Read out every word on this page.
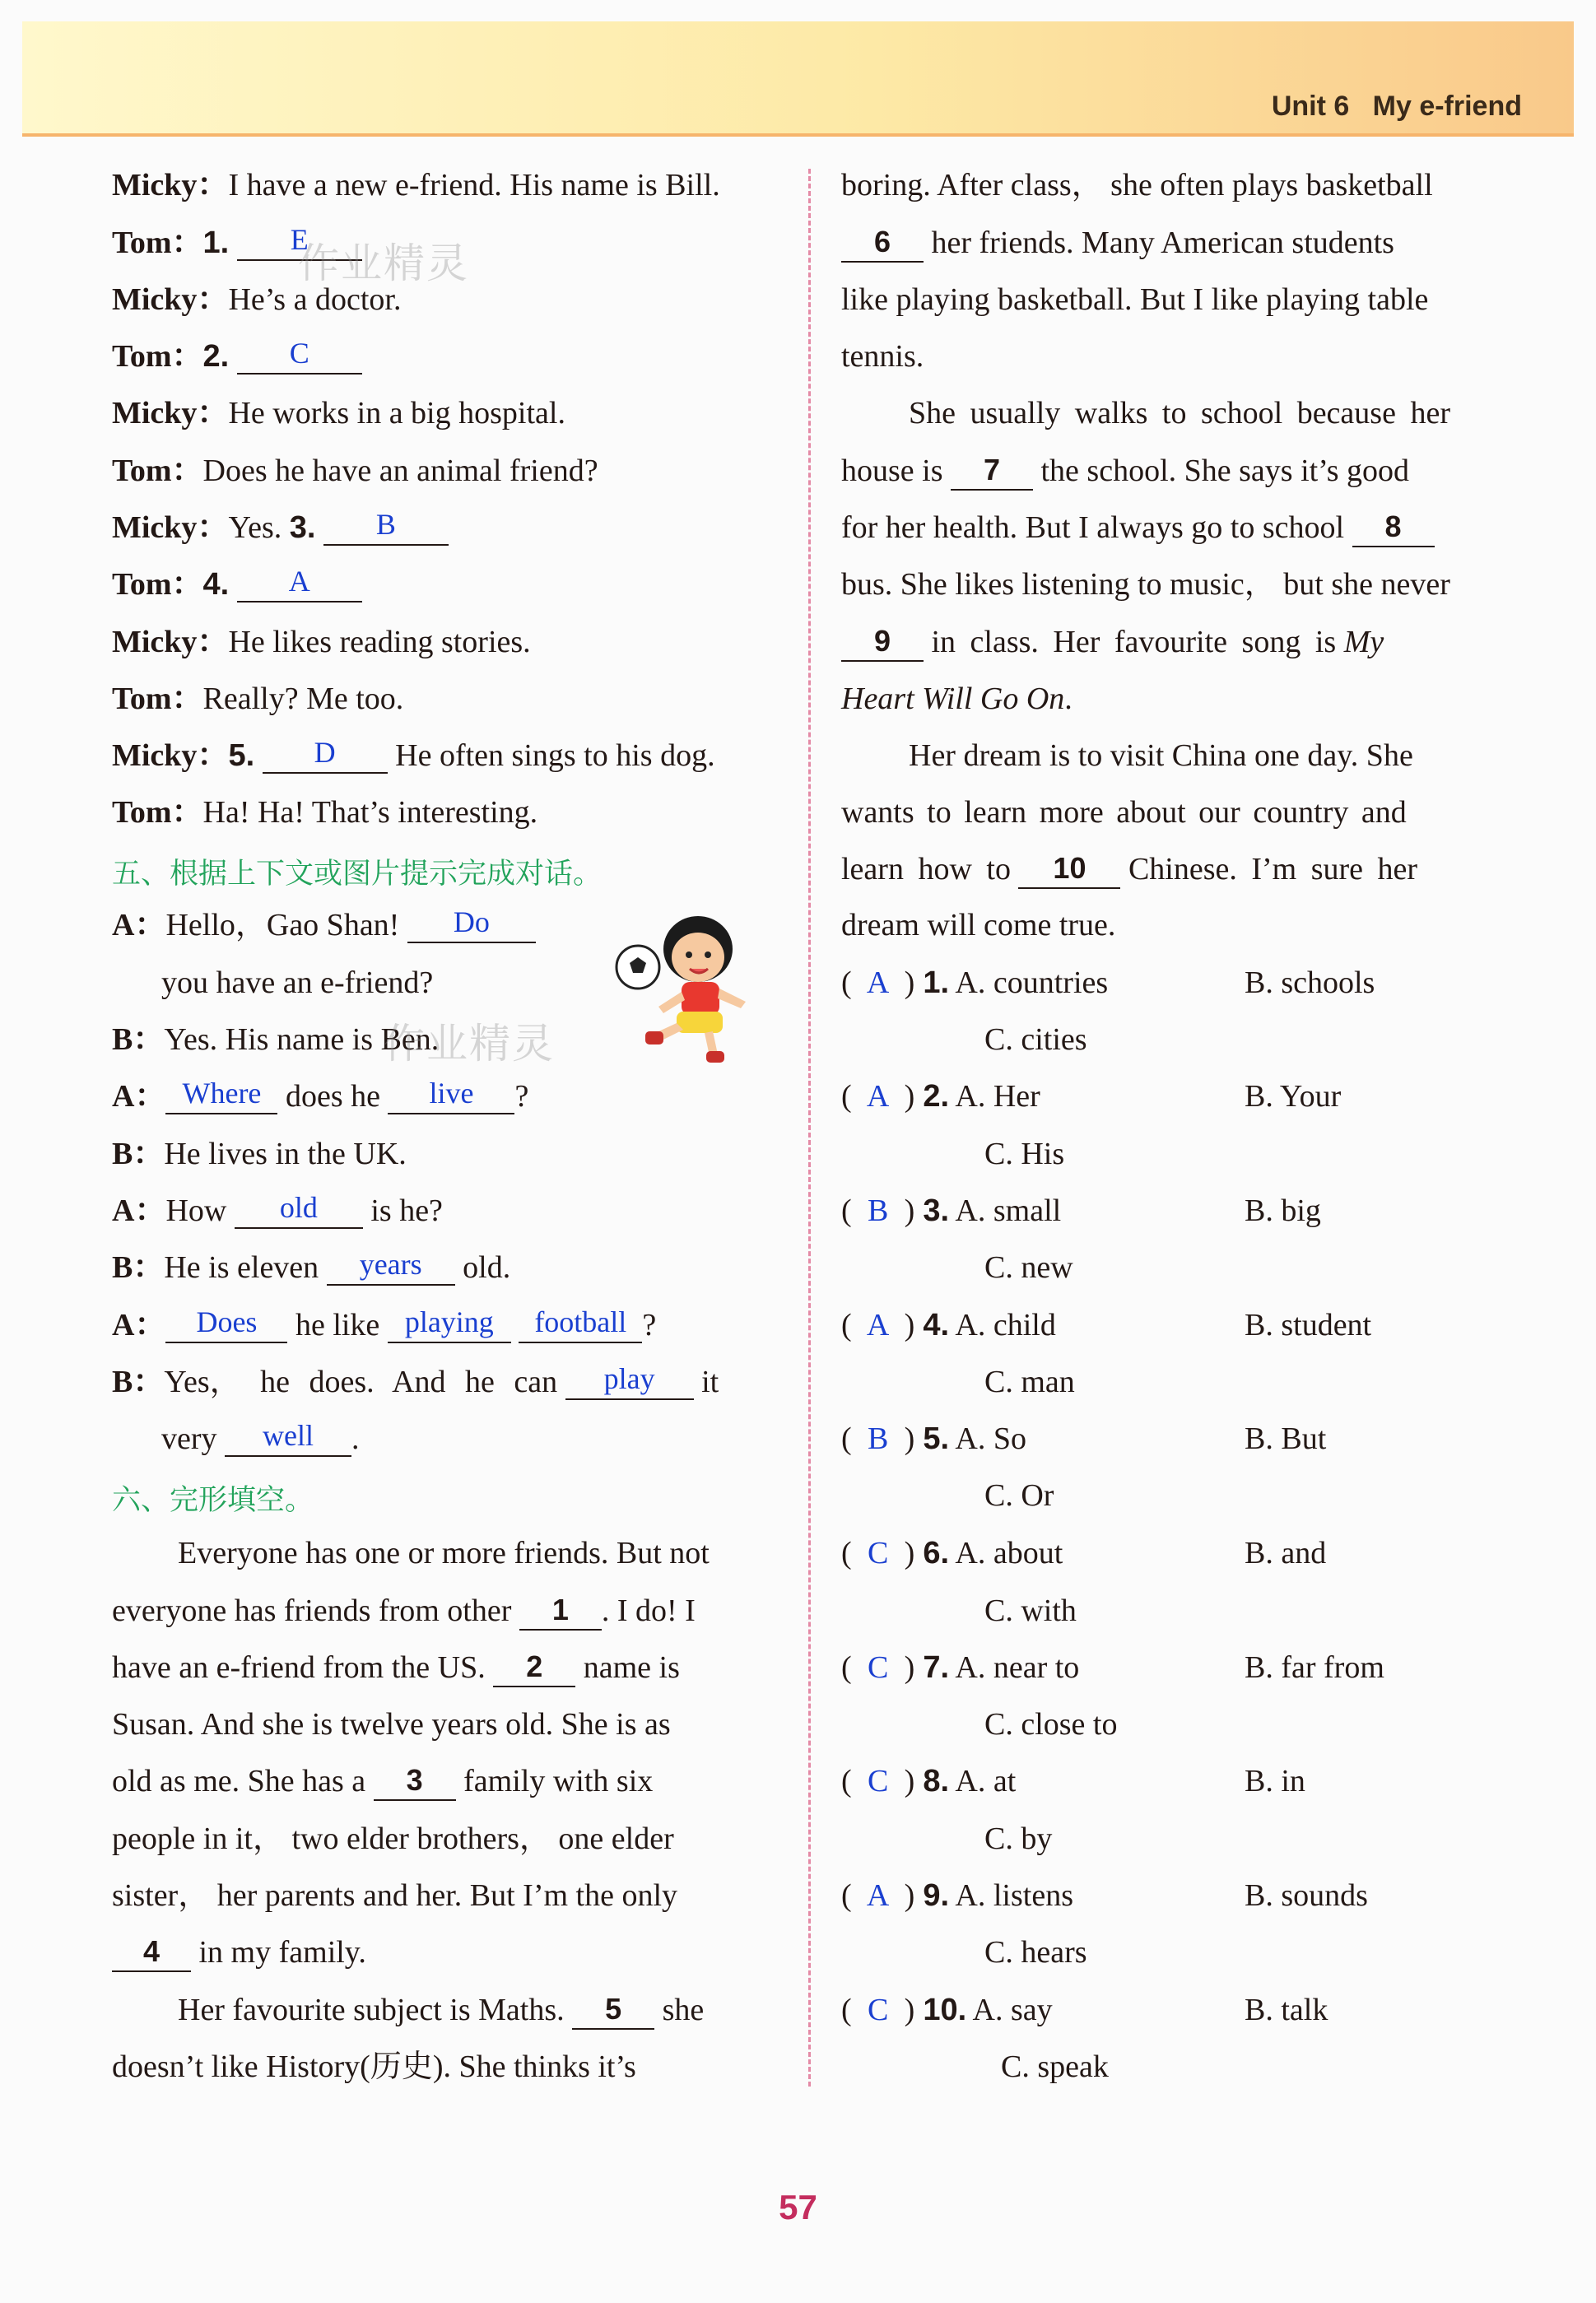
Unit 6 My e-friend
Micky：I have a new e-friend. His name is Bill.
Tom：1. E
Micky：He’s a doctor.
Tom：2. C
Micky：He works in a big hospital.
Tom：Does he have an animal friend?
Micky：Yes. 3. B
Tom：4. A
Micky：He likes reading stories.
Tom：Really? Me too.
Micky：5. D He often sings to his dog.
Tom：Ha! Ha! That’s interesting.
作业精灵
五、根据上下文或图片提示完成对话。
A：Hello，Gao Shan! Do
you have an e-friend?
B：Yes. His name is Ben.
A： Where does he live ?
B：He lives in the UK.
A：How old is he?
B：He is eleven years old.
A： Does he like playing football ?
B：Yes， he does. And he can play it
very well .
作业精灵
六、完形填空。
Everyone has one or more friends. But not
everyone has friends from other 1 . I do! I
have an e-friend from the US. 2 name is
Susan. And she is twelve years old. She is as
old as me. She has a 3 family with six
people in it， two elder brothers， one elder
sister， her parents and her. But I’m the only
4 in my family.
Her favourite subject is Maths. 5 she
doesn’t like History(历史). She thinks it’s
boring. After class， she often plays basketball
6 her friends. Many American students
like playing basketball. But I like playing table
tennis.
She usually walks to school because her
house is 7 the school. She says it’s good
for her health. But I always go to school 8
bus. She likes listening to music， but she never
9 in class. Her favourite song is My
Heart Will Go On.
Her dream is to visit China one day. She
wants to learn more about our country and
learn how to 10 Chinese. I’m sure her
dream will come true.
( A ) 1. A. countries	B. schools
C. cities
( A ) 2. A. Her	B. Your
C. His
( B ) 3. A. small	B. big
C. new
( A ) 4. A. child	B. student
C. man
( B ) 5. A. So	B. But
C. Or
( C ) 6. A. about	B. and
C. with
( C ) 7. A. near to	B. far from
C. close to
( C ) 8. A. at	B. in
C. by
( A ) 9. A. listens	B. sounds
C. hears
( C ) 10. A. say	B. talk
C. speak
57
